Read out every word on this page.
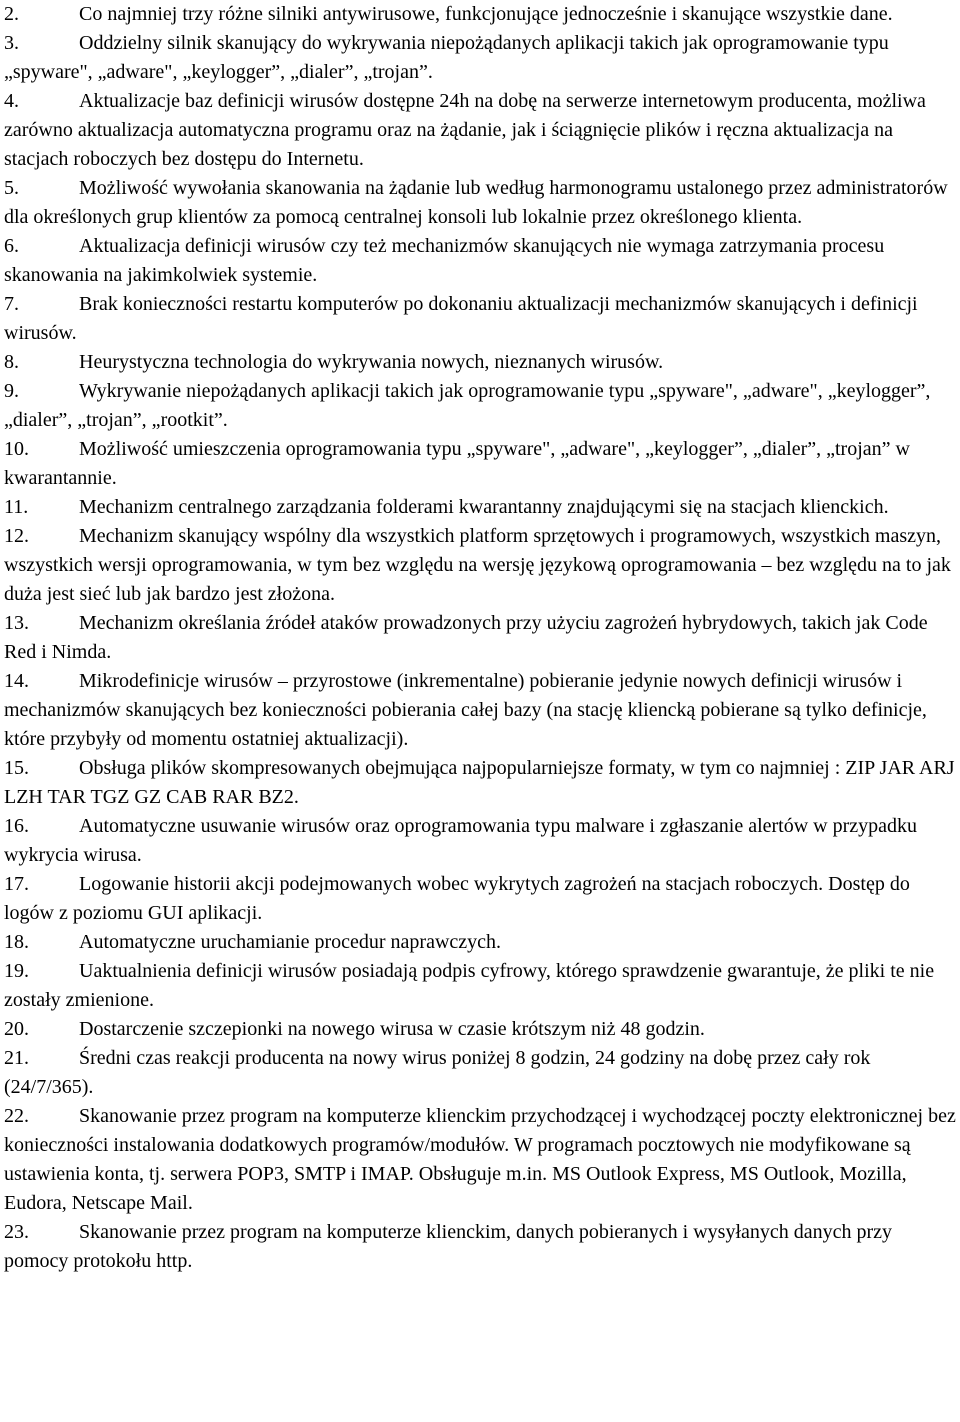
2.	Co najmniej trzy różne silniki antywirusowe, funkcjonujące jednocześnie i skanujące wszystkie dane.

3.	Oddzielny silnik skanujący do wykrywania niepożądanych aplikacji takich jak oprogramowanie typu „spyware", „adware", „keylogger”, „dialer”, „trojan”.

4.	Aktualizacje baz definicji wirusów dostępne 24h na dobę na serwerze internetowym producenta, możliwa zarówno aktualizacja automatyczna programu oraz na żądanie, jak i ściągnięcie plików i ręczna aktualizacja na stacjach roboczych bez dostępu do Internetu.

5.	Możliwość wywołania skanowania na żądanie lub według harmonogramu ustalonego przez administratorów dla określonych grup klientów za pomocą centralnej konsoli lub lokalnie przez określonego klienta.

6.	Aktualizacja definicji wirusów czy też mechanizmów skanujących nie wymaga zatrzymania procesu skanowania na jakimkolwiek systemie.

7.	Brak konieczności restartu komputerów po dokonaniu aktualizacji mechanizmów skanujących i definicji wirusów.

8.	Heurystyczna technologia do wykrywania nowych, nieznanych wirusów.

9.	Wykrywanie niepożądanych aplikacji takich jak oprogramowanie typu „spyware", „adware", „keylogger”, „dialer”, „trojan”, „rootkit”.

10.	Możliwość umieszczenia oprogramowania typu „spyware", „adware", „keylogger”, „dialer”, „trojan” w kwarantannie.

11.	Mechanizm centralnego zarządzania folderami kwarantanny znajdującymi się na stacjach klienckich.

12.	Mechanizm skanujący wspólny dla wszystkich platform sprzętowych i programowych, wszystkich maszyn, wszystkich wersji oprogramowania, w tym bez względu na wersję językową oprogramowania – bez względu na to jak duża jest sieć lub jak bardzo jest złożona.

13.	Mechanizm określania źródeł ataków prowadzonych przy użyciu zagrożeń hybrydowych, takich jak Code Red i Nimda.

14.	Mikrodefinicje wirusów – przyrostowe (inkrementalne) pobieranie jedynie nowych definicji wirusów i mechanizmów skanujących bez konieczności pobierania całej bazy (na stację kliencką pobierane są tylko definicje, które przybyły od momentu ostatniej aktualizacji).

15.	Obsługa plików skompresowanych obejmująca najpopularniejsze formaty, w tym co najmniej : ZIP JAR ARJ LZH TAR TGZ GZ CAB RAR BZ2.

16.	Automatyczne usuwanie wirusów oraz oprogramowania typu malware i zgłaszanie alertów w przypadku wykrycia wirusa.

17.	Logowanie historii akcji podejmowanych wobec wykrytych zagrożeń na stacjach roboczych. Dostęp do logów z poziomu GUI aplikacji.

18.	Automatyczne uruchamianie procedur naprawczych.

19.	Uaktualnienia definicji wirusów posiadają podpis cyfrowy, którego sprawdzenie gwarantuje, że pliki te nie zostały zmienione.

20.	Dostarczenie szczepionki na nowego wirusa w czasie krótszym niż 48 godzin.

21.	Średni czas reakcji producenta na nowy wirus poniżej 8 godzin, 24 godziny na dobę przez cały rok (24/7/365).

22.	Skanowanie przez program na komputerze klienckim przychodzącej i wychodzącej poczty elektronicznej bez konieczności instalowania dodatkowych programów/modułów. W programach pocztowych nie modyfikowane są ustawienia konta, tj. serwera POP3, SMTP i IMAP. Obsługuje m.in. MS Outlook Express, MS Outlook, Mozilla, Eudora, Netscape Mail.

23.	Skanowanie przez program na komputerze klienckim, danych pobieranych i wysyłanych danych przy pomocy protokołu http.
